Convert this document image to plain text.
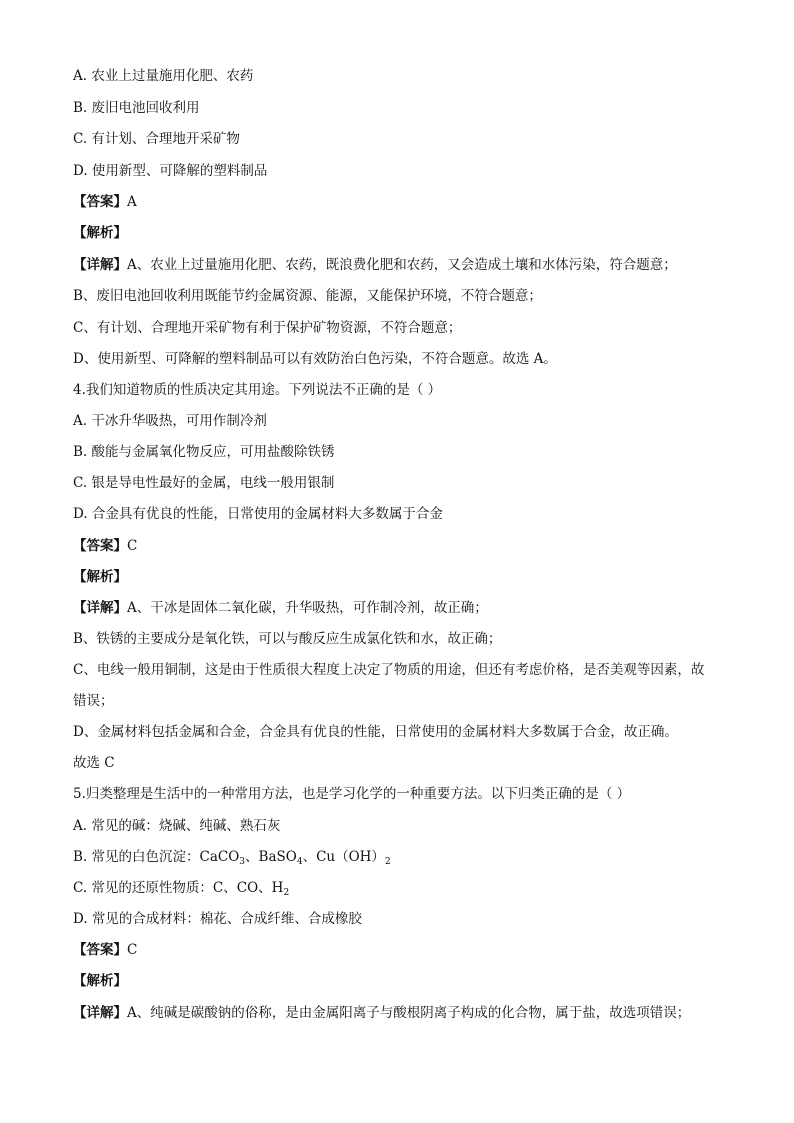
A. 农业上过量施用化肥、农药
B. 废旧电池回收利用
C. 有计划、合理地开采矿物
D. 使用新型、可降解的塑料制品
【答案】A
【解析】
【详解】A、农业上过量施用化肥、农药，既浪费化肥和农药，又会造成土壤和水体污染，符合题意；
B、废旧电池回收利用既能节约金属资源、能源，又能保护环境，不符合题意；
C、有计划、合理地开采矿物有利于保护矿物资源，不符合题意；
D、使用新型、可降解的塑料制品可以有效防治白色污染，不符合题意。故选 A。
4.我们知道物质的性质决定其用途。下列说法不正确的是（ ）
A. 干冰升华吸热，可用作制冷剂
B. 酸能与金属氧化物反应，可用盐酸除铁锈
C. 银是导电性最好的金属，电线一般用银制
D. 合金具有优良的性能，日常使用的金属材料大多数属于合金
【答案】C
【解析】
【详解】A、干冰是固体二氧化碳，升华吸热，可作制冷剂，故正确；
B、铁锈的主要成分是氧化铁，可以与酸反应生成氯化铁和水，故正确；
C、电线一般用铜制，这是由于性质很大程度上决定了物质的用途，但还有考虑价格，是否美观等因素，故
错误；
D、金属材料包括金属和合金，合金具有优良的性能，日常使用的金属材料大多数属于合金，故正确。
故选 C
5.归类整理是生活中的一种常用方法，也是学习化学的一种重要方法。以下归类正确的是（ ）
A. 常见的碱：烧碱、纯碱、熟石灰
B. 常见的白色沉淀：CaCO$_3$、BaSO$_4$、$Cu(OH)_2$
C. 常见的还原性物质：C、CO、$H_2$
D. 常见的合成材料：棉花、合成纤维、合成橡胶
【答案】C
【解析】
【详解】A、纯碱是碳酸钠的俗称，是由金属阳离子与酸根阴离子构成的化合物，属于盐，故选项错误；
